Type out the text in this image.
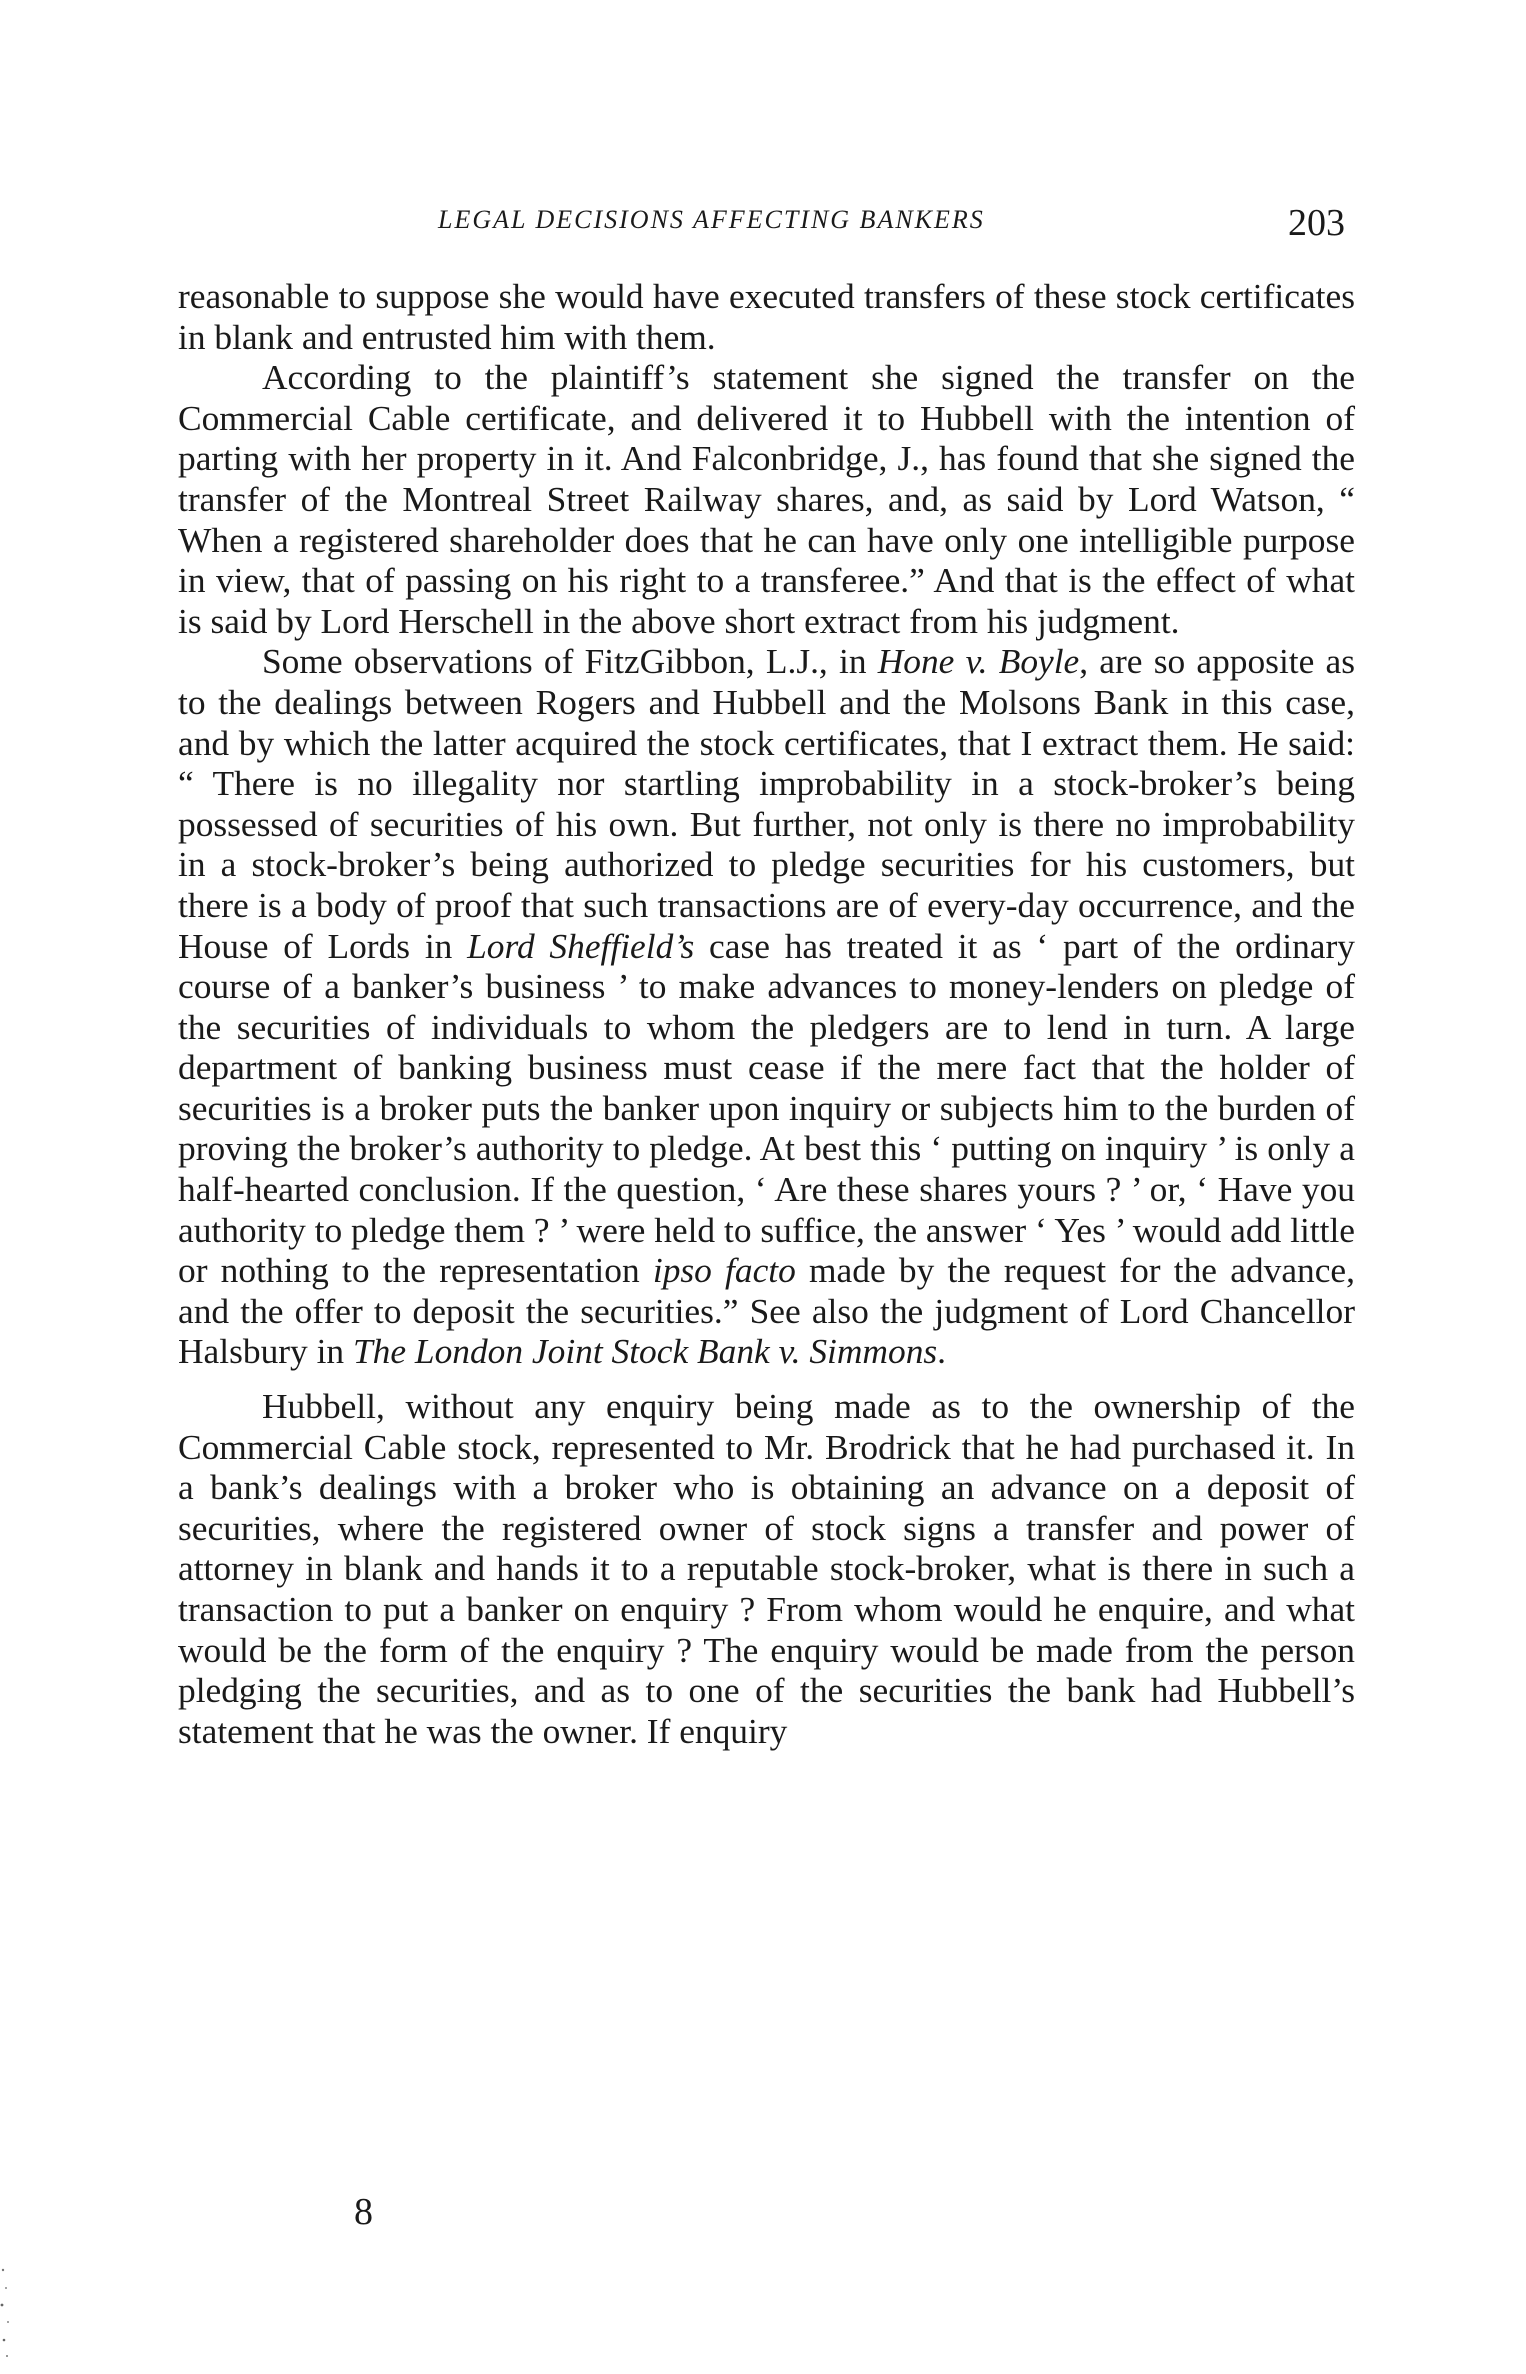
LEGAL DECISIONS AFFECTING BANKERS	203

reasonable to suppose she would have executed transfers of these stock certificates in blank and entrusted him with them.

According to the plaintiff’s statement she signed the transfer on the Commercial Cable certificate, and delivered it to Hubbell with the intention of parting with her property in it. And Falconbridge, J., has found that she signed the transfer of the Montreal Street Railway shares, and, as said by Lord Watson, “ When a registered shareholder does that he can have only one intelligible purpose in view, that of passing on his right to a transferee.” And that is the effect of what is said by Lord Herschell in the above short extract from his judgment.

Some observations of FitzGibbon, L.J., in Hone v. Boyle, are so apposite as to the dealings between Rogers and Hubbell and the Molsons Bank in this case, and by which the latter acquired the stock certificates, that I extract them. He said: “ There is no illegality nor startling improbability in a stock-broker’s being possessed of securities of his own. But further, not only is there no improbability in a stock-broker’s being authorized to pledge securities for his customers, but there is a body of proof that such transactions are of every-day occurrence, and the House of Lords in Lord Sheffield’s case has treated it as ‘ part of the ordinary course of a banker’s business ’ to make advances to money-lenders on pledge of the securities of individuals to whom the pledgers are to lend in turn. A large department of banking business must cease if the mere fact that the holder of securities is a broker puts the banker upon inquiry or subjects him to the burden of proving the broker’s authority to pledge. At best this ‘ putting on inquiry ’ is only a half-hearted conclusion. If the question, ‘ Are these shares yours ? ’ or, ‘ Have you authority to pledge them ? ’ were held to suffice, the answer ‘ Yes ’ would add little or nothing to the representation ipso facto made by the request for the advance, and the offer to deposit the securities.” See also the judgment of Lord Chancellor Halsbury in The London Joint Stock Bank v. Simmons.

Hubbell, without any enquiry being made as to the ownership of the Commercial Cable stock, represented to Mr. Brodrick that he had purchased it. In a bank’s dealings with a broker who is obtaining an advance on a deposit of securities, where the registered owner of stock signs a transfer and power of attorney in blank and hands it to a reputable stock-broker, what is there in such a transaction to put a banker on enquiry ? From whom would he enquire, and what would be the form of the enquiry ? The enquiry would be made from the person pledging the securities, and as to one of the securities the bank had Hubbell’s statement that he was the owner. If enquiry

8
